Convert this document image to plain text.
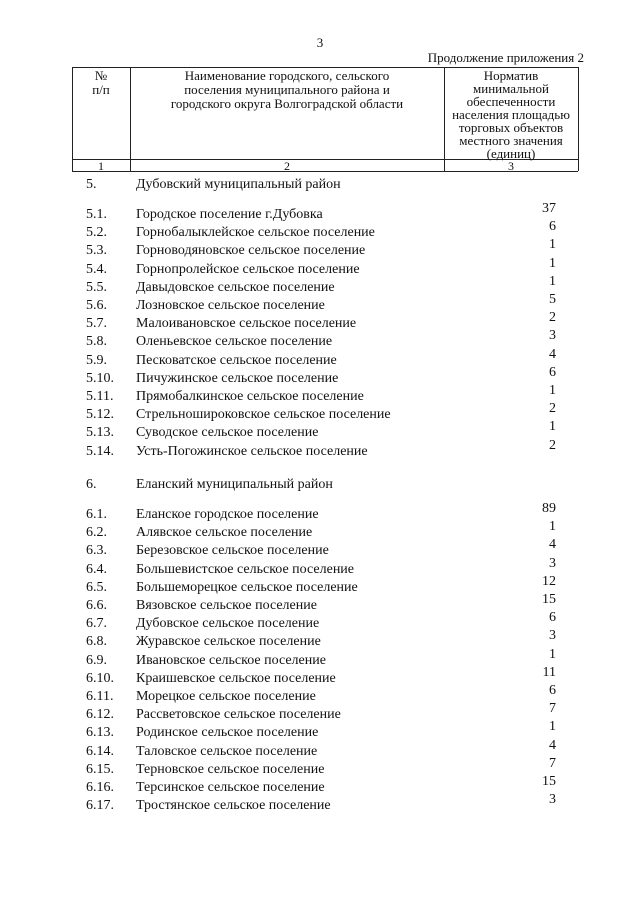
3
Продолжение приложения 2
№
п/п
Наименование городского, сельского
поселения муниципального района и
городского округа Волгоградской области
Норматив
минимальной
обеспеченности
населения площадью
торговых объектов
местного значения
(единиц)
1	2	3
5.	Дубовский муниципальный район
5.1. Городское поселение г.Дубовка	37
5.2. Горнобалыклейское сельское поселение	6
5.3. Горноводяновское сельское поселение	1
5.4. Горнопролейское сельское поселение	1
5.5. Давыдовское сельское поселение	1
5.6. Лозновское сельское поселение	5
5.7. Малоивановское сельское поселение	2
5.8. Оленьевское сельское поселение	3
5.9. Песковатское сельское поселение	4
5.10. Пичужинское сельское поселение	6
5.11. Прямобалкинское сельское поселение	1
5.12. Стрельноширoковское сельское поселение	2
5.13. Суводское сельское поселение	1
5.14. Усть-Погожинское сельское поселение	2
6.	Еланский муниципальный район
6.1. Еланское городское поселение	89
6.2. Алявское сельское поселение	1
6.3. Березовское сельское поселение	4
6.4. Большевистское сельское поселение	3
6.5. Большеморецкое сельское поселение	12
6.6. Вязовское сельское поселение	15
6.7. Дубовское сельское поселение	6
6.8. Журавское сельское поселение	3
6.9. Ивановское сельское поселение	1
6.10. Краишевское сельское поселение	11
6.11. Морецкое сельское поселение	6
6.12. Рассветовское сельское поселение	7
6.13. Родинское сельское поселение	1
6.14. Таловское сельское поселение	4
6.15. Терновское сельское поселение	7
6.16. Терсинское сельское поселение	15
6.17. Тростянское сельское поселение	3
